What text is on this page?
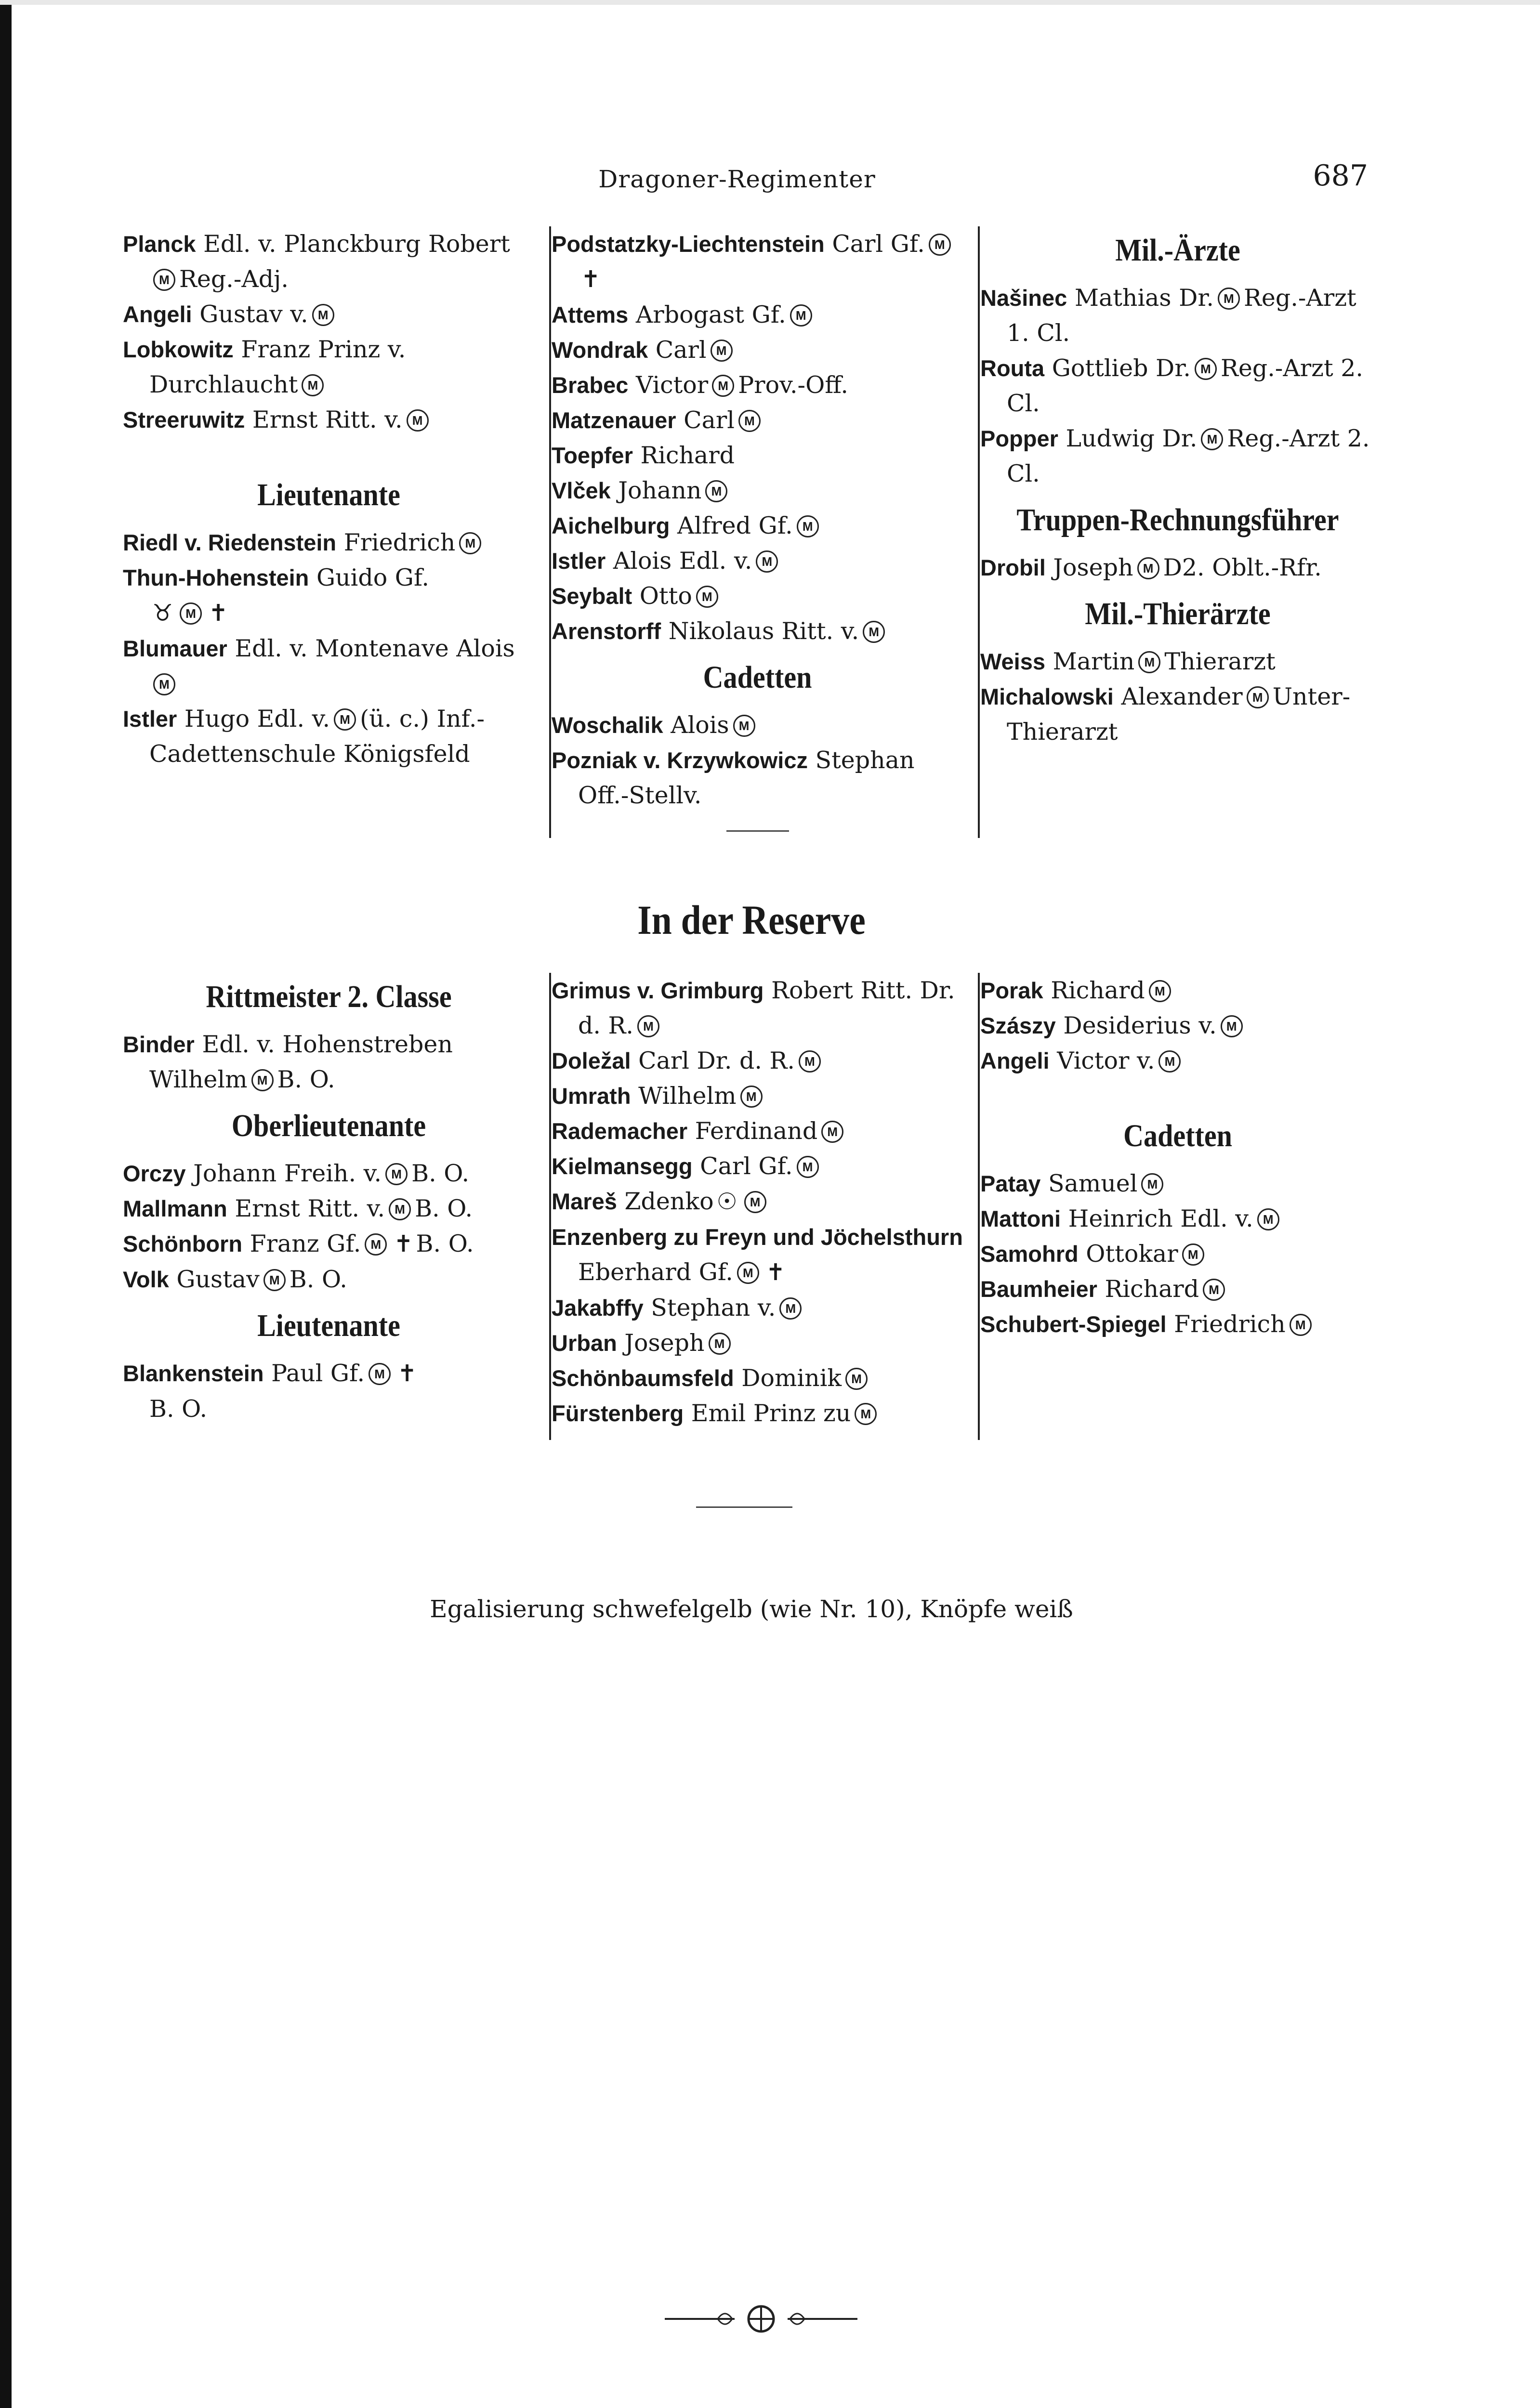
Dragoner-Regimenter	687
Planck Edl. v. Planckburg RobertM Reg.-Adj.
Angeli Gustav v. M
Lobkowitz Franz Prinz v. Durchlaucht M
Streeruwitz Ernst Ritt. v. M
Lieutenante
Riedl v. Riedenstein Friedrich M
Thun-Hohenstein Guido Gf.
♉ M ✝
Blumauer Edl. v. Montenave AloisM
Istler Hugo Edl. v. M (ü. c.) Inf.-Cadettenschule Königsfeld
Podstatzky-Liechtenstein Carl Gf. M✝
Attems Arbogast Gf. M
Wondrak Carl M
Brabec Victor M Prov.-Off.
Matzenauer Carl M
Toepfer Richard
Vlček Johann M
Aichelburg Alfred Gf. M
Istler Alois Edl. v. M
Seybalt Otto M
Arenstorff Nikolaus Ritt. v. M
Cadetten
Woschalik Alois M
Pozniak v. Krzywkowicz Stephan
Off.-Stellv.
Mil.-Ärzte
Našinec Mathias Dr. M Reg.-Arzt 1. Cl.
Routa Gottlieb Dr. M Reg.-Arzt 2. Cl.
Popper Ludwig Dr. M Reg.-Arzt 2. Cl.
Truppen-Rechnungsführer
Drobil Joseph M D2. Oblt.-Rfr.
Mil.-Thierärzte
Weiss Martin M Thierarzt
Michalowski Alexander M Unter-Thierarzt
In der Reserve
Rittmeister 2. Classe
Binder Edl. v. Hohenstreben Wilhelm M B. O.
Oberlieutenante
Orczy Johann Freih. v. M B. O.
Mallmann Ernst Ritt. v. M B. O.
Schönborn Franz Gf. M ✝ B. O.
Volk Gustav M B. O.
Lieutenante
Blankenstein Paul Gf. M ✝
B. O.
Grimus v. Grimburg Robert Ritt. Dr. d. R. M
Doležal Carl Dr. d. R. M
Umrath Wilhelm M
Rademacher Ferdinand M
Kielmansegg Carl Gf. M
Mareš Zdenko ☉ M
Enzenberg zu Freyn und Jöchelsthurn Eberhard Gf. M ✝
Jakabffy Stephan v. M
Urban Joseph M
Schönbaumsfeld Dominik M
Fürstenberg Emil Prinz zu M
Porak Richard M
Szászy Desiderius v. M
Angeli Victor v. M
Cadetten
Patay Samuel M
Mattoni Heinrich Edl. v. M
Samohrd Ottokar M
Baumheier Richard M
Schubert-Spiegel Friedrich M
Egalisierung schwefelgelb (wie Nr. 10), Knöpfe weiß
